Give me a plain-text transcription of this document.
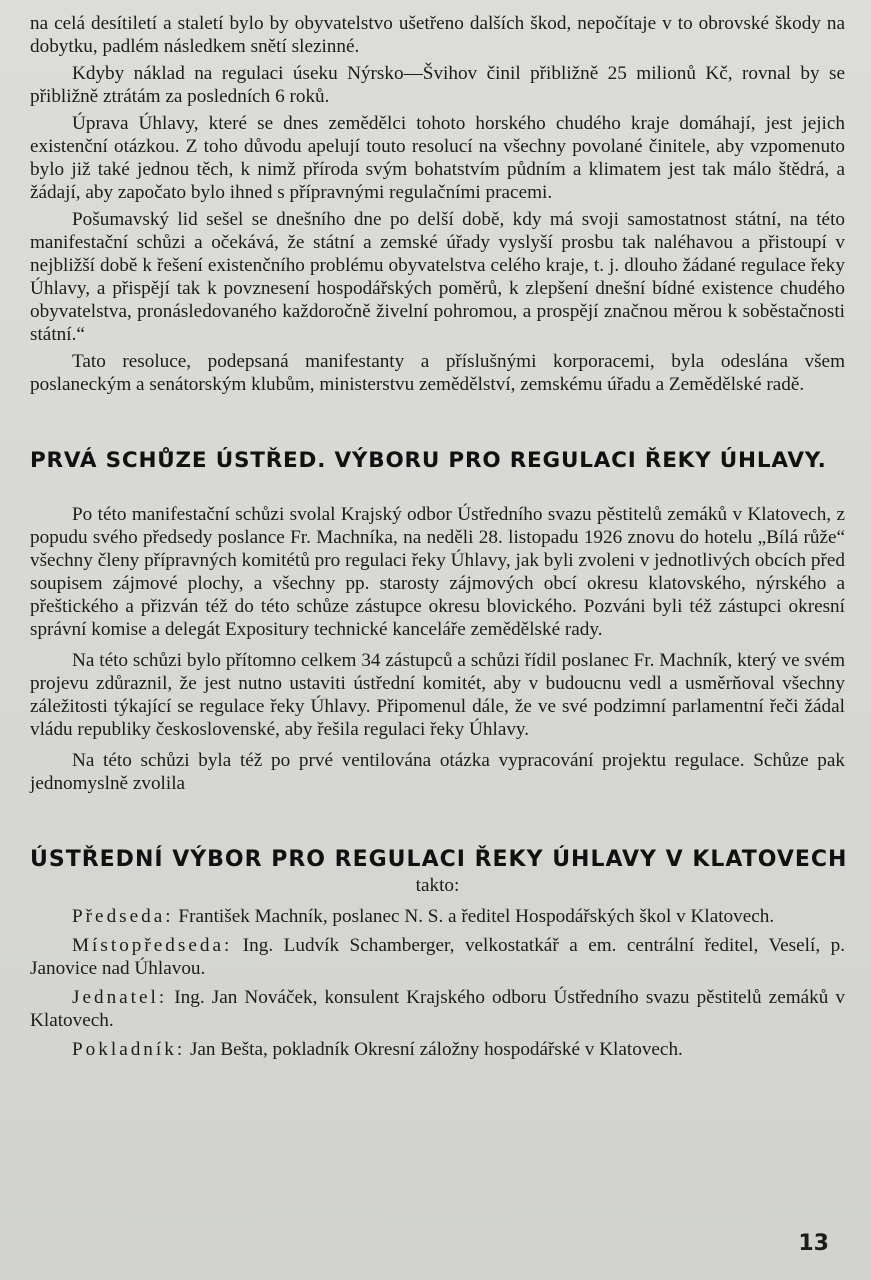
na celá desítiletí a staletí bylo by obyvatelstvo ušetřeno dalších škod, nepočítaje v to obrovské škody na dobytku, padlém následkem snětí slezinné.

Kdyby náklad na regulaci úseku Nýrsko—Švihov činil přibližně 25 milionů Kč, rovnal by se přibližně ztrátám za posledních 6 roků.

Úprava Úhlavy, které se dnes zemědělci tohoto horského chudého kraje domáhají, jest jejich existenční otázkou. Z toho důvodu apelují touto resolucí na všechny povolané činitele, aby vzpomenuto bylo již také jednou těch, k nimž příroda svým bohatstvím půdním a klimatem jest tak málo štědrá, a žádají, aby započato bylo ihned s přípravnými regulačními pracemi.

Pošumavský lid sešel se dnešního dne po delší době, kdy má svoji samostatnost státní, na této manifestační schůzi a očekává, že státní a zemské úřady vyslyší prosbu tak naléhavou a přistoupí v nejbližší době k řešení existenčního problému obyvatelstva celého kraje, t. j. dlouho žádané regulace řeky Úhlavy, a přispějí tak k povznesení hospodářských poměrů, k zlepšení dnešní bídné existence chudého obyvatelstva, pronásledovaného každoročně živelní pohromou, a prospějí značnou měrou k soběstačnosti státní.“

Tato resoluce, podepsaná manifestanty a příslušnými korporacemi, byla odeslána všem poslaneckým a senátorským klubům, ministerstvu zemědělství, zemskému úřadu a Zemědělské radě.

PRVÁ SCHŮZE ÚSTŘED. VÝBORU PRO REGULACI ŘEKY ÚHLAVY.

Po této manifestační schůzi svolal Krajský odbor Ústředního svazu pěstitelů zemáků v Klatovech, z popudu svého předsedy poslance Fr. Machníka, na neděli 28. listopadu 1926 znovu do hotelu „Bílá růže“ všechny členy přípravných komitétů pro regulaci řeky Úhlavy, jak byli zvoleni v jednotlivých obcích před soupisem zájmové plochy, a všechny pp. starosty zájmových obcí okresu klatovského, nýrského a přeštického a přizván též do této schůze zástupce okresu blovického. Pozváni byli též zástupci okresní správní komise a delegát Expositury technické kanceláře zemědělské rady.

Na této schůzi bylo přítomno celkem 34 zástupců a schůzi řídil poslanec Fr. Machník, který ve svém projevu zdůraznil, že jest nutno ustaviti ústřední komitét, aby v budoucnu vedl a usměrňoval všechny záležitosti týkající se regulace řeky Úhlavy. Připomenul dále, že ve své podzimní parlamentní řeči žádal vládu republiky československé, aby řešila regulaci řeky Úhlavy.

Na této schůzi byla též po prvé ventilována otázka vypracování projektu regulace. Schůze pak jednomyslně zvolila

ÚSTŘEDNÍ VÝBOR PRO REGULACI ŘEKY ÚHLAVY V KLATOVECH

takto:

Předseda: František Machník, poslanec N. S. a ředitel Hospodářských škol v Klatovech.

Místopředseda: Ing. Ludvík Schamberger, velkostatkář a em. centrální ředitel, Veselí, p. Janovice nad Úhlavou.

Jednatel: Ing. Jan Nováček, konsulent Krajského odboru Ústředního svazu pěstitelů zemáků v Klatovech.

Pokladník: Jan Bešta, pokladník Okresní záložny hospodářské v Klatovech.

13
